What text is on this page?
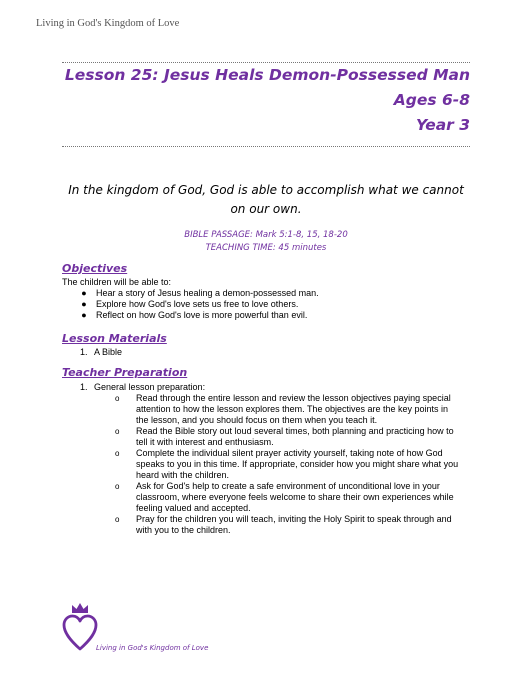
Living in God's Kingdom of Love
Lesson 25: Jesus Heals Demon-Possessed Man
Ages 6-8
Year 3
In the kingdom of God, God is able to accomplish what we cannot on our own.
BIBLE PASSAGE: Mark 5:1-8, 15, 18-20
TEACHING TIME: 45 minutes
Objectives
The children will be able to:
●	Hear a story of Jesus healing a demon-possessed man.
●	Explore how God's love sets us free to love others.
●	Reflect on how God's love is more powerful than evil.
Lesson Materials
1. A Bible
Teacher Preparation
1. General lesson preparation:
o Read through the entire lesson and review the lesson objectives paying special
attention to how the lesson explores them. The objectives are the key points in
the lesson, and you should focus on them when you teach it.
o Read the Bible story out loud several times, both planning and practicing how to
tell it with interest and enthusiasm.
o Complete the individual silent prayer activity yourself, taking note of how God
speaks to you in this time. If appropriate, consider how you might share what you
heard with the children.
o Ask for God's help to create a safe environment of unconditional love in your
classroom, where everyone feels welcome to share their own experiences while
feeling valued and accepted.
o Pray for the children you will teach, inviting the Holy Spirit to speak through and
with you to the children.
Living in God's Kingdom of Love
